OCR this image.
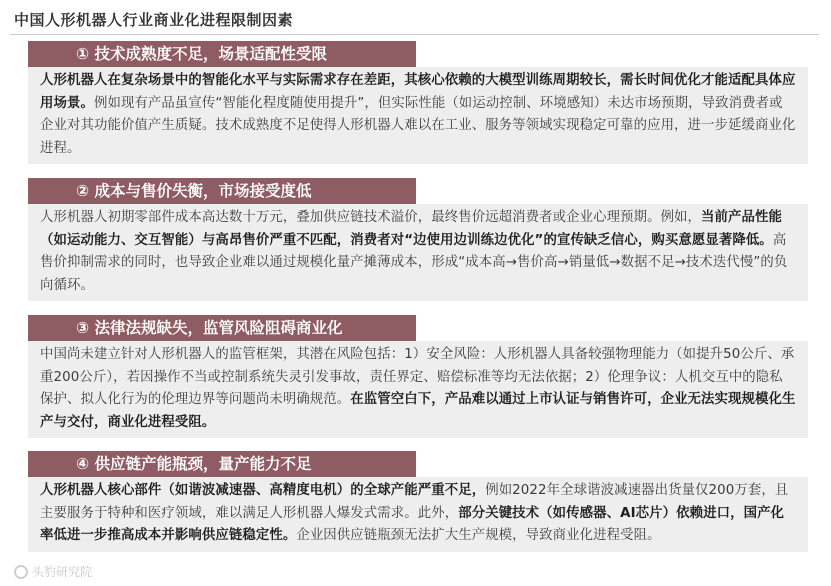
中国人形机器人行业商业化进程限制因素
① 技术成熟度不足，场景适配性受限
人形机器人在复杂场景中的智能化水平与实际需求存在差距，其核心依赖的大模型训练周期较长，需长时间优化才能适配具体应用场景。例如现有产品虽宣传“智能化程度随使用提升”，但实际性能（如运动控制、环境感知）未达市场预期，导致消费者或企业对其功能价值产生质疑。技术成熟度不足使得人形机器人难以在工业、服务等领域实现稳定可靠的应用，进一步延缓商业化进程。
② 成本与售价失衡，市场接受度低
人形机器人初期零部件成本高达数十万元，叠加供应链技术溢价，最终售价远超消费者或企业心理预期。例如，当前产品性能（如运动能力、交互智能）与高昂售价严重不匹配，消费者对“边使用边训练边优化”的宣传缺乏信心，购买意愿显著降低。高售价抑制需求的同时，也导致企业难以通过规模化量产摊薄成本，形成“成本高→售价高→销量低→数据不足→技术迭代慢”的负向循环。
③ 法律法规缺失，监管风险阻碍商业化
中国尚未建立针对人形机器人的监管框架，其潜在风险包括：1）安全风险：人形机器人具备较强物理能力（如提升50公斤、承重200公斤），若因操作不当或控制系统失灵引发事故，责任界定、赔偿标准等均无法依据；2）伦理争议：人机交互中的隐私保护、拟人化行为的伦理边界等问题尚未明确规范。在监管空白下，产品难以通过上市认证与销售许可，企业无法实现规模化生产与交付，商业化进程受阻。
④ 供应链产能瓶颈，量产能力不足
人形机器人核心部件（如谐波减速器、高精度电机）的全球产能严重不足，例如2022年全球谐波减速器出货量仅200万套，且主要服务于特种和医疗领域，难以满足人形机器人爆发式需求。此外，部分关键技术（如传感器、AI芯片）依赖进口，国产化率低进一步推高成本并影响供应链稳定性。企业因供应链瓶颈无法扩大生产规模，导致商业化进程受阻。
头豹研究院
